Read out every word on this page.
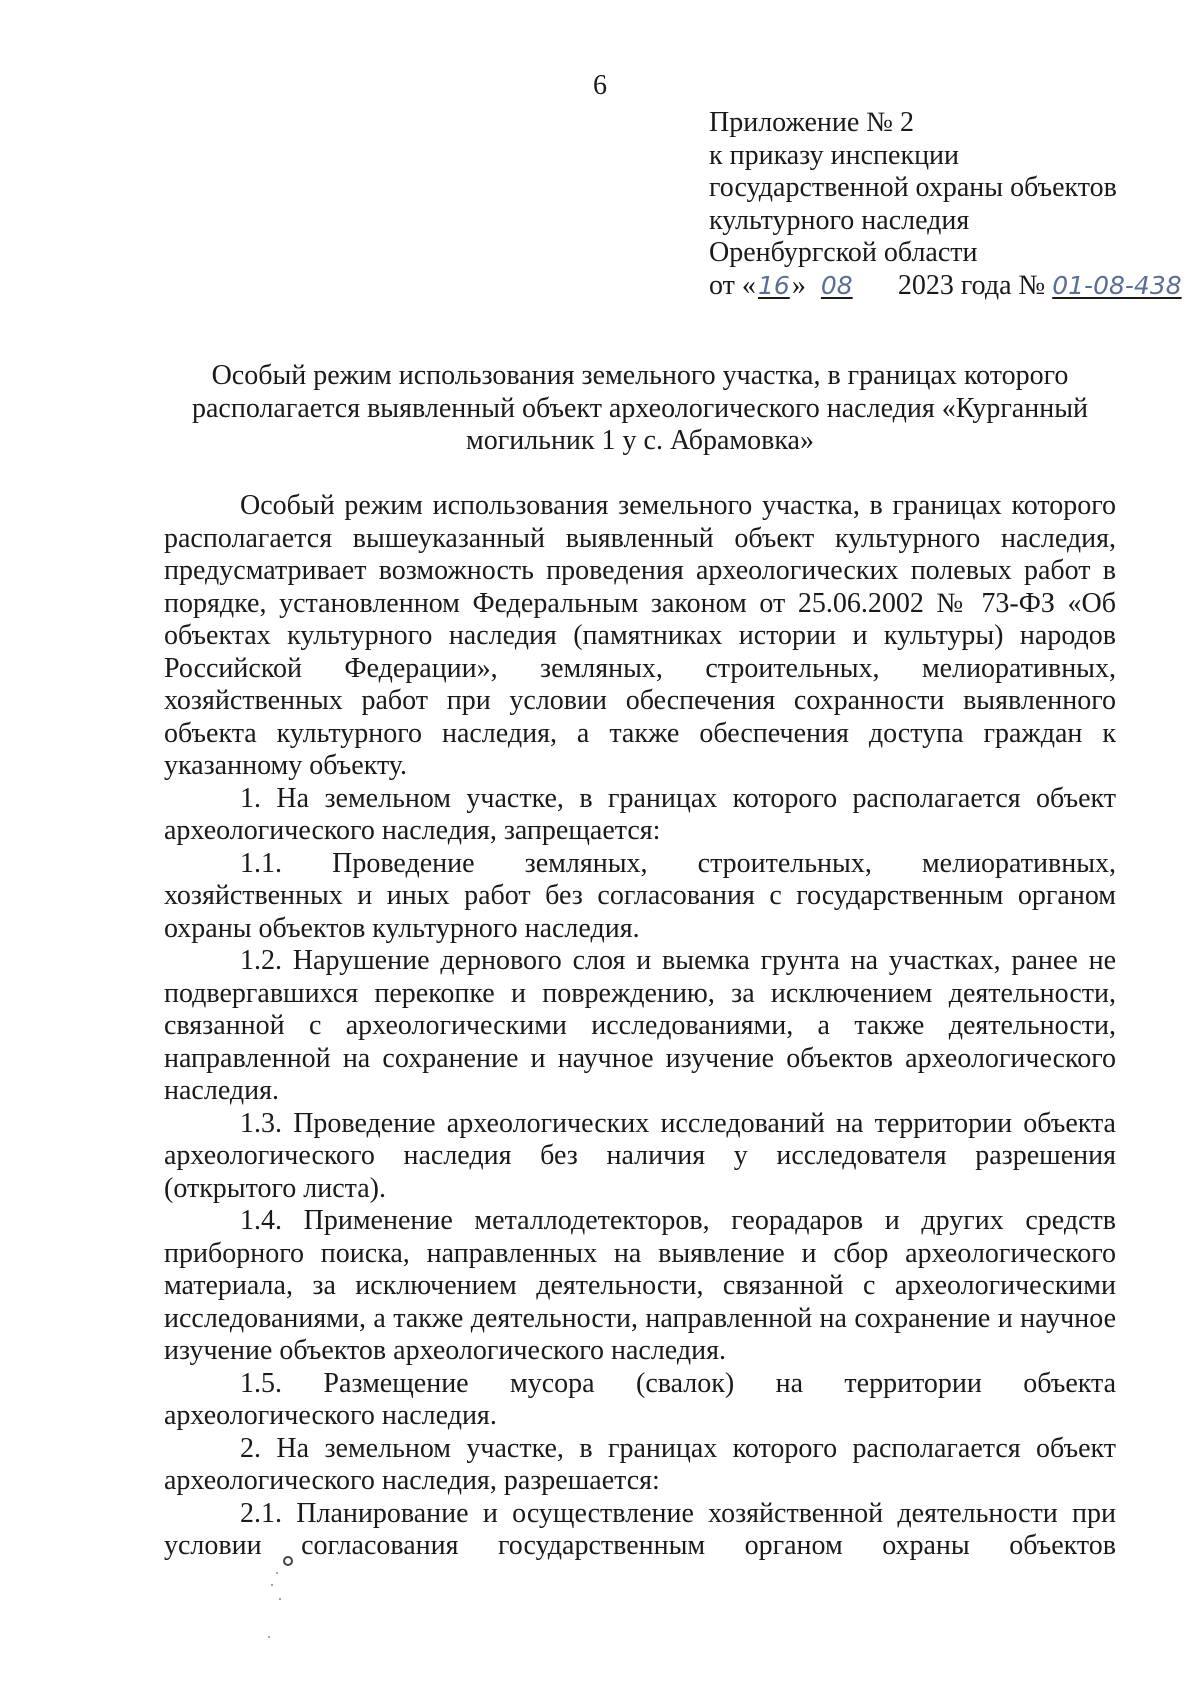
6
Приложение № 2
к приказу инспекции
государственной охраны объектов
культурного наследия
Оренбургской области
от «16» 08 2023 года № 01-08-438
Особый режим использования земельного участка, в границах которого
располагается выявленный объект археологического наследия «Курганный
могильник 1 у с. Абрамовка»

Особый режим использования земельного участка, в границах которого располагается вышеуказанный выявленный объект культурного наследия, предусматривает возможность проведения археологических полевых работ в порядке, установленном Федеральным законом от 25.06.2002 № 73-ФЗ «Об объектах культурного наследия (памятниках истории и культуры) народов Российской Федерации», земляных, строительных, мелиоративных, хозяйственных работ при условии обеспечения сохранности выявленного объекта культурного наследия, а также обеспечения доступа граждан к указанному объекту.

1. На земельном участке, в границах которого располагается объект археологического наследия, запрещается:

1.1. Проведение земляных, строительных, мелиоративных, хозяйственных и иных работ без согласования с государственным органом охраны объектов культурного наследия.

1.2. Нарушение дернового слоя и выемка грунта на участках, ранее не подвергавшихся перекопке и повреждению, за исключением деятельности, связанной с археологическими исследованиями, а также деятельности, направленной на сохранение и научное изучение объектов археологического наследия.

1.3. Проведение археологических исследований на территории объекта археологического наследия без наличия у исследователя разрешения (открытого листа).

1.4. Применение металлодетекторов, георадаров и других средств приборного поиска, направленных на выявление и сбор археологического материала, за исключением деятельности, связанной с археологическими исследованиями, а также деятельности, направленной на сохранение и научное изучение объектов археологического наследия.

1.5. Размещение мусора (свалок) на территории объекта археологического наследия.

2. На земельном участке, в границах которого располагается объект археологического наследия, разрешается:

2.1. Планирование и осуществление хозяйственной деятельности при условии согласования государственным органом охраны объектов
